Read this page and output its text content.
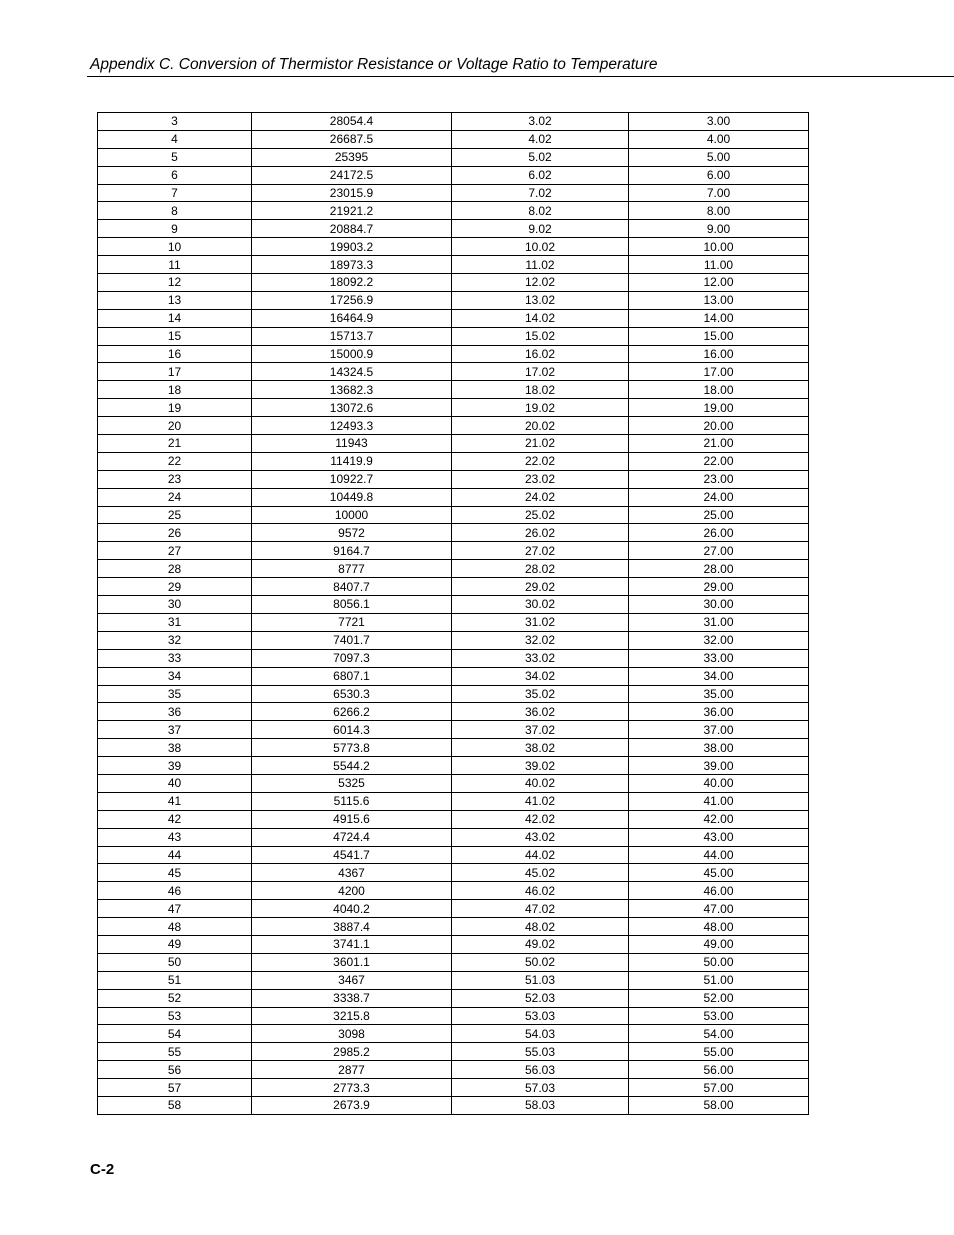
Appendix C. Conversion of Thermistor Resistance or Voltage Ratio to Temperature
3	28054.4	3.02	3.00
4	26687.5	4.02	4.00
5	25395	5.02	5.00
6	24172.5	6.02	6.00
7	23015.9	7.02	7.00
8	21921.2	8.02	8.00
9	20884.7	9.02	9.00
10	19903.2	10.02	10.00
11	18973.3	11.02	11.00
12	18092.2	12.02	12.00
13	17256.9	13.02	13.00
14	16464.9	14.02	14.00
15	15713.7	15.02	15.00
16	15000.9	16.02	16.00
17	14324.5	17.02	17.00
18	13682.3	18.02	18.00
19	13072.6	19.02	19.00
20	12493.3	20.02	20.00
21	11943	21.02	21.00
22	11419.9	22.02	22.00
23	10922.7	23.02	23.00
24	10449.8	24.02	24.00
25	10000	25.02	25.00
26	9572	26.02	26.00
27	9164.7	27.02	27.00
28	8777	28.02	28.00
29	8407.7	29.02	29.00
30	8056.1	30.02	30.00
31	7721	31.02	31.00
32	7401.7	32.02	32.00
33	7097.3	33.02	33.00
34	6807.1	34.02	34.00
35	6530.3	35.02	35.00
36	6266.2	36.02	36.00
37	6014.3	37.02	37.00
38	5773.8	38.02	38.00
39	5544.2	39.02	39.00
40	5325	40.02	40.00
41	5115.6	41.02	41.00
42	4915.6	42.02	42.00
43	4724.4	43.02	43.00
44	4541.7	44.02	44.00
45	4367	45.02	45.00
46	4200	46.02	46.00
47	4040.2	47.02	47.00
48	3887.4	48.02	48.00
49	3741.1	49.02	49.00
50	3601.1	50.02	50.00
51	3467	51.03	51.00
52	3338.7	52.03	52.00
53	3215.8	53.03	53.00
54	3098	54.03	54.00
55	2985.2	55.03	55.00
56	2877	56.03	56.00
57	2773.3	57.03	57.00
58	2673.9	58.03	58.00
C-2
